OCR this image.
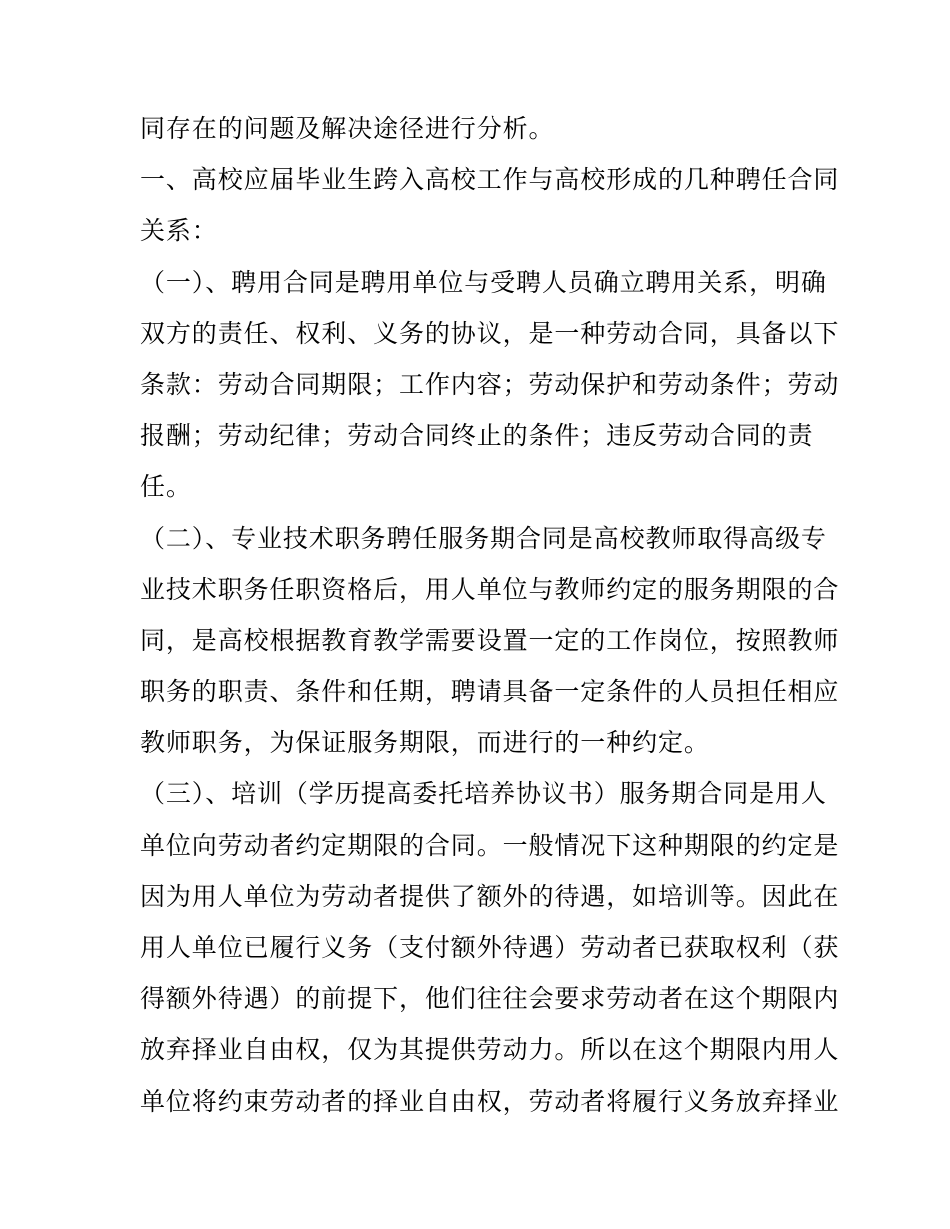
同存在的问题及解决途径进行分析。
一、高校应届毕业生跨入高校工作与高校形成的几种聘任合同
关系：
（一）、聘用合同是聘用单位与受聘人员确立聘用关系，明确
双方的责任、权利、义务的协议，是一种劳动合同，具备以下
条款：劳动合同期限；工作内容；劳动保护和劳动条件；劳动
报酬；劳动纪律；劳动合同终止的条件；违反劳动合同的责
任。
（二）、专业技术职务聘任服务期合同是高校教师取得高级专
业技术职务任职资格后，用人单位与教师约定的服务期限的合
同，是高校根据教育教学需要设置一定的工作岗位，按照教师
职务的职责、条件和任期，聘请具备一定条件的人员担任相应
教师职务，为保证服务期限，而进行的一种约定。
（三）、培训（学历提高委托培养协议书）服务期合同是用人
单位向劳动者约定期限的合同。一般情况下这种期限的约定是
因为用人单位为劳动者提供了额外的待遇，如培训等。因此在
用人单位已履行义务（支付额外待遇）劳动者已获取权利（获
得额外待遇）的前提下，他们往往会要求劳动者在这个期限内
放弃择业自由权，仅为其提供劳动力。所以在这个期限内用人
单位将约束劳动者的择业自由权，劳动者将履行义务放弃择业
